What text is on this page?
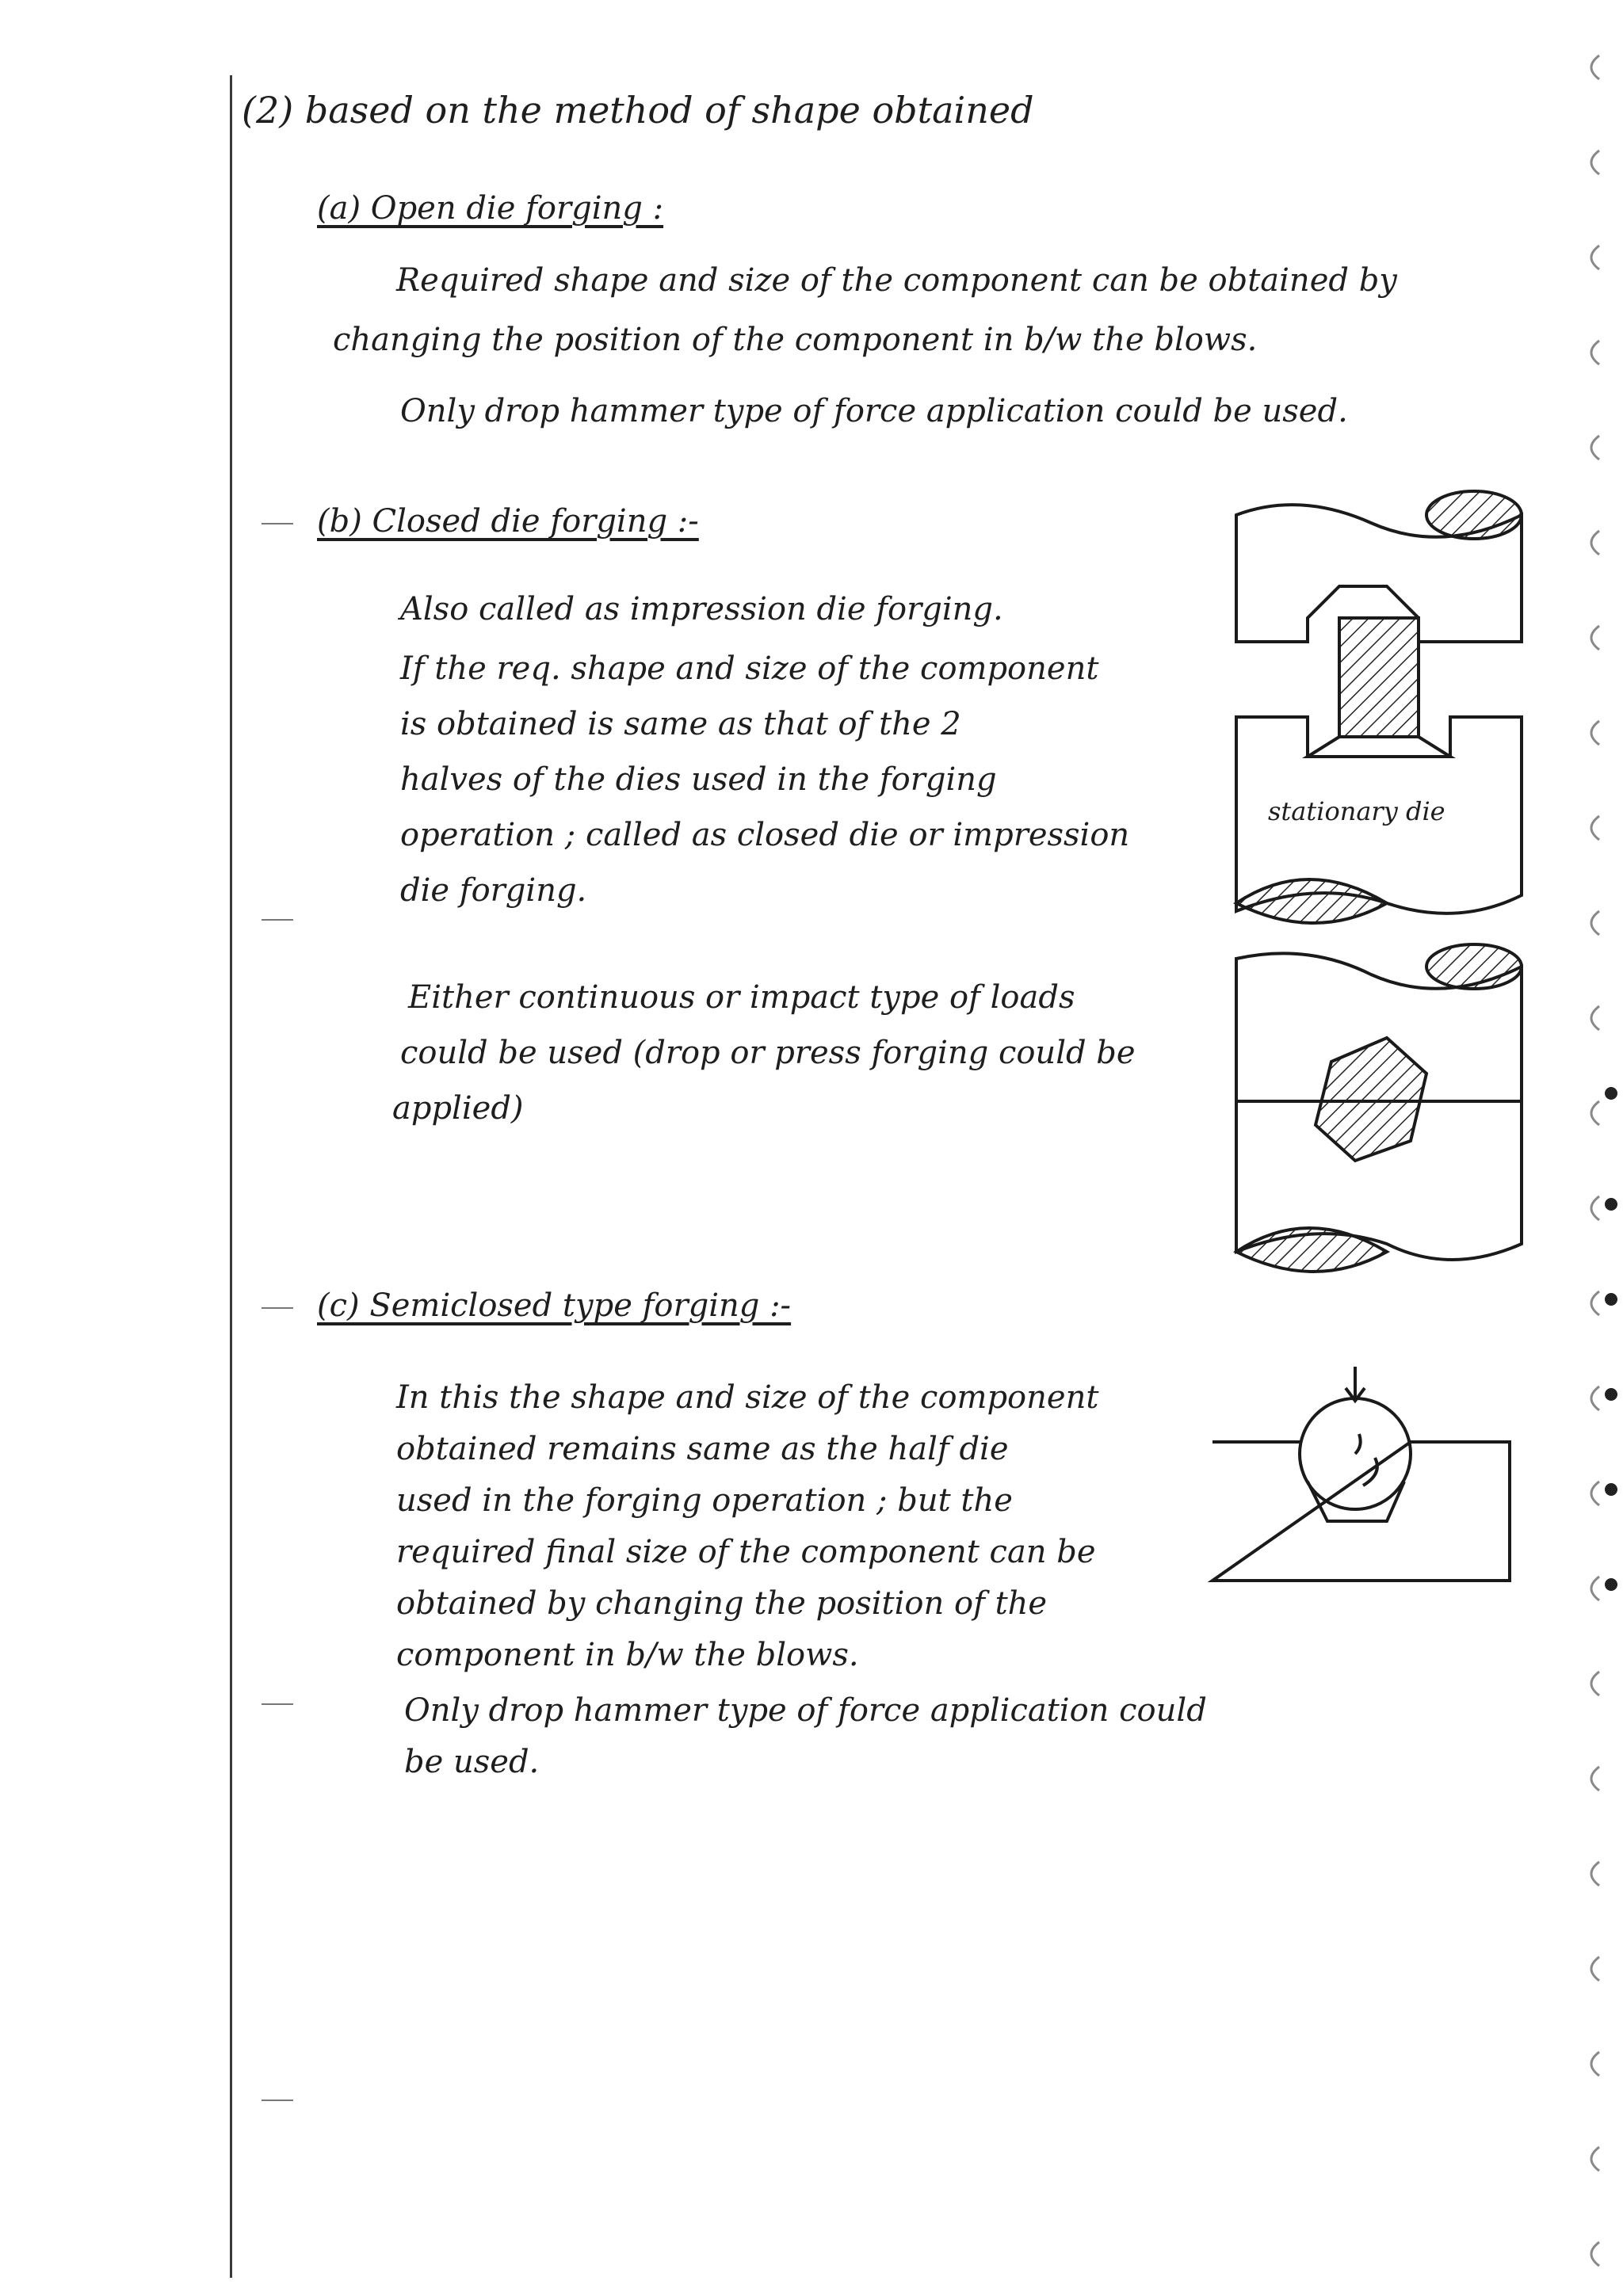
(2) based on the method of shape obtained
(a) Open die forging :
Required shape and size of the component can be obtained by
changing the position of the component in b/w the blows.
Only drop hammer type of force application could be used.
(b) Closed die forging :-
Also called as impression die forging.
If the req. shape and size of the component
is obtained is same as that of the 2
halves of the dies used in the forging
operation ; called as closed die or impression
die forging.
Either continuous or impact type of loads
could be used (drop or press forging could be
applied)
stationary die
(c) Semiclosed type forging :-
In this the shape and size of the component
obtained remains same as the half die
used in the forging operation ; but the
required final size of the component can be
obtained by changing the position of the
component in b/w the blows.
Only drop hammer type of force application could
be used.
